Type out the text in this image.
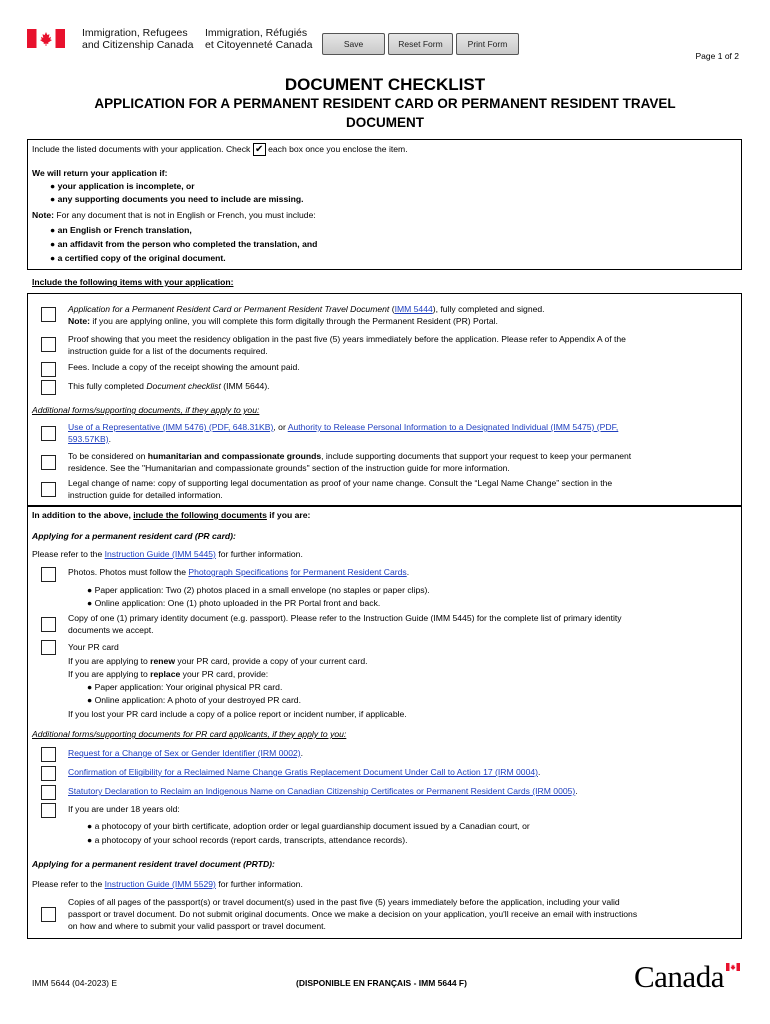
Immigration, Refugees
and Citizenship Canada
Immigration, Réfugiés
et Citoyenneté Canada	Save	Reset Form	Print Form
Page 1 of 2
DOCUMENT CHECKLIST
APPLICATION FOR A PERMANENT RESIDENT CARD OR PERMANENT RESIDENT TRAVEL
DOCUMENT
Include the listed documents with your application. Check ✔ each box once you enclose the item.
We will return your application if:
● your application is incomplete, or
● any supporting documents you need to include are missing.
Note: For any document that is not in English or French, you must include:
● an English or French translation,
● an affidavit from the person who completed the translation, and
● a certified copy of the original document.
Include the following items with your application:
Application for a Permanent Resident Card or Permanent Resident Travel Document (IMM 5444), fully completed and signed.
Note: if you are applying online, you will complete this form digitally through the Permanent Resident (PR) Portal.
Proof showing that you meet the residency obligation in the past five (5) years immediately before the application. Please refer to Appendix A of the
instruction guide for a list of the documents required.
Fees. Include a copy of the receipt showing the amount paid.
This fully completed Document checklist (IMM 5644).
Additional forms/supporting documents, if they apply to you:
Use of a Representative (IMM 5476) (PDF, 648.31KB), or Authority to Release Personal Information to a Designated Individual (IMM 5475) (PDF,
593.57KB).
To be considered on humanitarian and compassionate grounds, include supporting documents that support your request to keep your permanent
residence. See the "Humanitarian and compassionate grounds" section of the instruction guide for more information.
Legal change of name: copy of supporting legal documentation as proof of your name change. Consult the “Legal Name Change” section in the
instruction guide for detailed information.
In addition to the above, include the following documents if you are:
Applying for a permanent resident card (PR card):
Please refer to the Instruction Guide (IMM 5445) for further information.
Photos. Photos must follow the Photograph Specifications for Permanent Resident Cards.
● Paper application: Two (2) photos placed in a small envelope (no staples or paper clips).
● Online application: One (1) photo uploaded in the PR Portal front and back.
Copy of one (1) primary identity document (e.g. passport). Please refer to the Instruction Guide (IMM 5445) for the complete list of primary identity
documents we accept.
Your PR card
If you are applying to renew your PR card, provide a copy of your current card.
If you are applying to replace your PR card, provide:
● Paper application: Your original physical PR card.
● Online application: A photo of your destroyed PR card.
If you lost your PR card include a copy of a police report or incident number, if applicable.
Additional forms/supporting documents for PR card applicants, if they apply to you:
Request for a Change of Sex or Gender Identifier (IRM 0002).
Confirmation of Eligibility for a Reclaimed Name Change Gratis Replacement Document Under Call to Action 17 (IRM 0004).
Statutory Declaration to Reclaim an Indigenous Name on Canadian Citizenship Certificates or Permanent Resident Cards (IRM 0005).
If you are under 18 years old:
● a photocopy of your birth certificate, adoption order or legal guardianship document issued by a Canadian court, or
● a photocopy of your school records (report cards, transcripts, attendance records).
Applying for a permanent resident travel document (PRTD):
Please refer to the Instruction Guide (IMM 5529) for further information.
Copies of all pages of the passport(s) or travel document(s) used in the past five (5) years immediately before the application, including your valid
passport or travel document. Do not submit original documents. Once we make a decision on your application, you'll receive an email with instructions
on how and where to submit your valid passport or travel document.
IMM 5644 (04-2023) E	(DISPONIBLE EN FRANÇAIS - IMM 5644 F)	Canada
